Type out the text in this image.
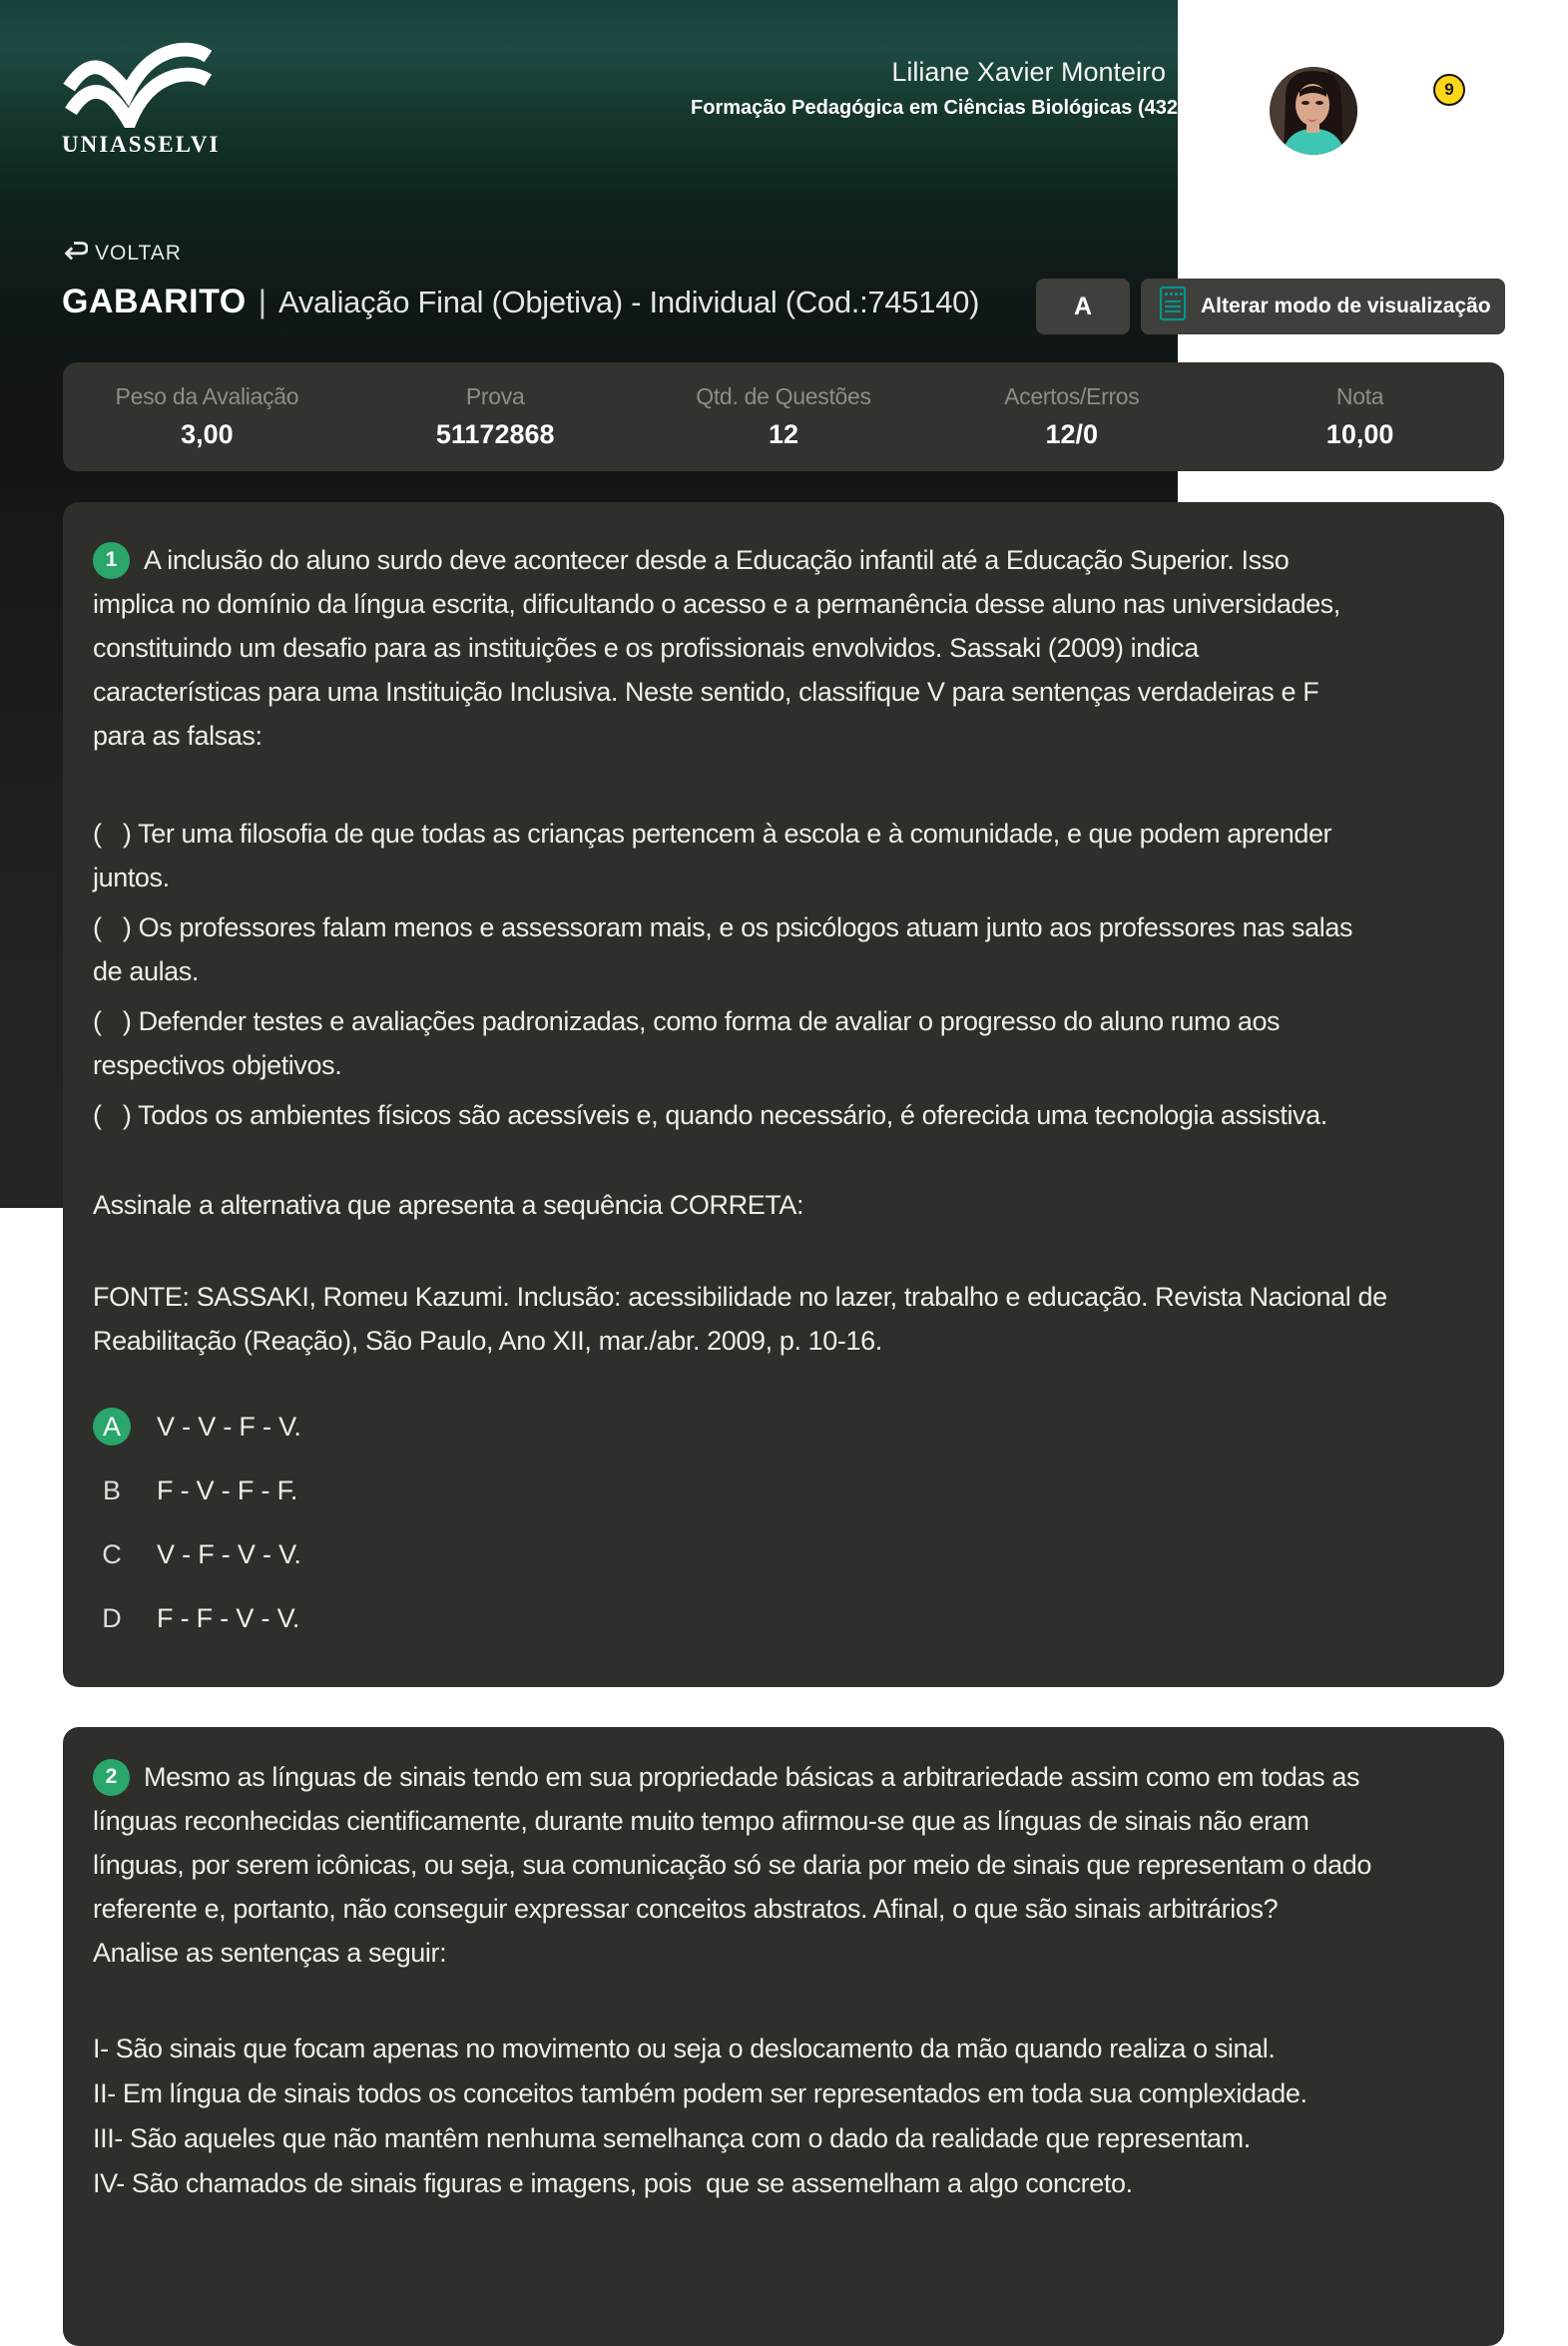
UNIASSELVI
Liliane Xavier Monteiro
Formação Pedagógica em Ciências Biológicas (432
9
VOLTAR
GABARITO | Avaliação Final (Objetiva) - Individual (Cod.:745140)	A	Alterar modo de visualização
Peso da Avaliação
3,00
Prova
51172868
Qtd. de Questões
12
Acertos/Erros
12/0
Nota
10,00
1 A inclusão do aluno surdo deve acontecer desde a Educação infantil até a Educação Superior. Isso
implica no domínio da língua escrita, dificultando o acesso e a permanência desse aluno nas universidades,
constituindo um desafio para as instituições e os profissionais envolvidos. Sassaki (2009) indica
características para uma Instituição Inclusiva. Neste sentido, classifique V para sentenças verdadeiras e F
para as falsas:
(   ) Ter uma filosofia de que todas as crianças pertencem à escola e à comunidade, e que podem aprender
juntos.
(   ) Os professores falam menos e assessoram mais, e os psicólogos atuam junto aos professores nas salas
de aulas.
(   ) Defender testes e avaliações padronizadas, como forma de avaliar o progresso do aluno rumo aos
respectivos objetivos.
(   ) Todos os ambientes físicos são acessíveis e, quando necessário, é oferecida uma tecnologia assistiva.
Assinale a alternativa que apresenta a sequência CORRETA:
FONTE: SASSAKI, Romeu Kazumi. Inclusão: acessibilidade no lazer, trabalho e educação. Revista Nacional de
Reabilitação (Reação), São Paulo, Ano XII, mar./abr. 2009, p. 10-16.
A	V - V - F - V.
B	F - V - F - F.
C	V - F - V - V.
D	F - F - V - V.
2 Mesmo as línguas de sinais tendo em sua propriedade básicas a arbitrariedade assim como em todas as
línguas reconhecidas cientificamente, durante muito tempo afirmou-se que as línguas de sinais não eram
línguas, por serem icônicas, ou seja, sua comunicação só se daria por meio de sinais que representam o dado
referente e, portanto, não conseguir expressar conceitos abstratos. Afinal, o que são sinais arbitrários?
Analise as sentenças a seguir:
I- São sinais que focam apenas no movimento ou seja o deslocamento da mão quando realiza o sinal.
II- Em língua de sinais todos os conceitos também podem ser representados em toda sua complexidade.
III- São aqueles que não mantêm nenhuma semelhança com o dado da realidade que representam.
IV- São chamados de sinais figuras e imagens, pois  que se assemelham a algo concreto.
